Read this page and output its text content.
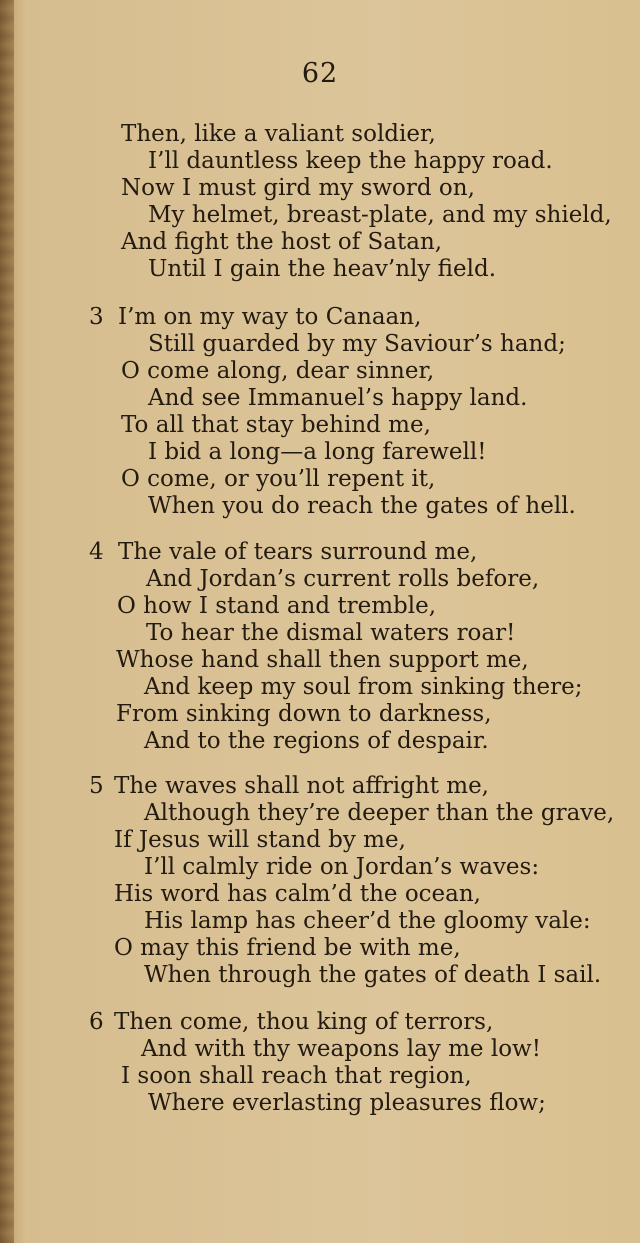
62
Then, like a valiant soldier,
I’ll dauntless keep the happy road.
Now I must gird my sword on,
My helmet, breast-plate, and my shield,
And fight the host of Satan,
Until I gain the heav’nly field.
3 I’m on my way to Canaan,
Still guarded by my Saviour’s hand;
O come along, dear sinner,
And see Immanuel’s happy land.
To all that stay behind me,
I bid a long—a long farewell!
O come, or you’ll repent it,
When you do reach the gates of hell.
4 The vale of tears surround me,
And Jordan’s current rolls before,
O how I stand and tremble,
To hear the dismal waters roar!
Whose hand shall then support me,
And keep my soul from sinking there;
From sinking down to darkness,
And to the regions of despair.
5 The waves shall not affright me,
Although they’re deeper than the grave,
If Jesus will stand by me,
I’ll calmly ride on Jordan’s waves:
His word has calm’d the ocean,
His lamp has cheer’d the gloomy vale:
O may this friend be with me,
When through the gates of death I sail.
6 Then come, thou king of terrors,
And with thy weapons lay me low!
I soon shall reach that region,
Where everlasting pleasures flow;
